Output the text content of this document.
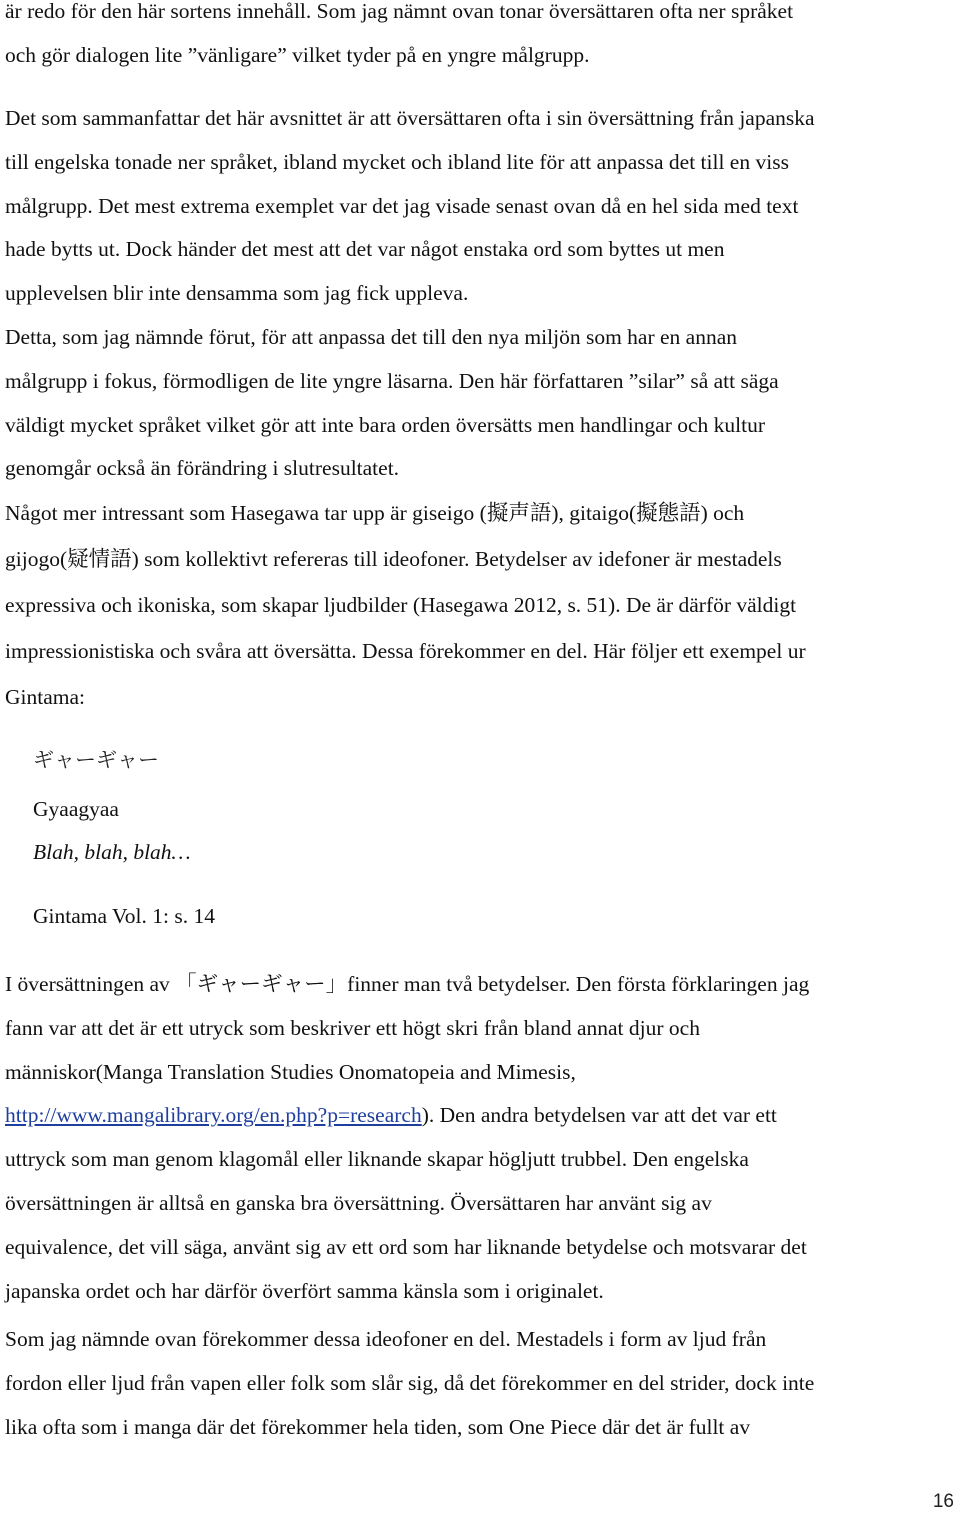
är redo för den här sortens innehåll. Som jag nämnt ovan tonar översättaren ofta ner språket
och gör dialogen lite ”vänligare” vilket tyder på en yngre målgrupp.

Det som sammanfattar det här avsnittet är att översättaren ofta i sin översättning från japanska
till engelska tonade ner språket, ibland mycket och ibland lite för att anpassa det till en viss
målgrupp. Det mest extrema exemplet var det jag visade senast ovan då en hel sida med text
hade bytts ut. Dock händer det mest att det var något enstaka ord som byttes ut men
upplevelsen blir inte densamma som jag fick uppleva.

Detta, som jag nämnde förut, för att anpassa det till den nya miljön som har en annan
målgrupp i fokus, förmodligen de lite yngre läsarna. Den här författaren ”silar” så att säga
väldigt mycket språket vilket gör att inte bara orden översätts men handlingar och kultur
genomgår också än förändring i slutresultatet.

Något mer intressant som Hasegawa tar upp är giseigo (擬声語), gitaigo(擬態語) och
gijogo(疑情語) som kollektivt refereras till ideofoner. Betydelser av idefoner är mestadels
expressiva och ikoniska, som skapar ljudbilder (Hasegawa 2012, s. 51). De är därför väldigt
impressionistiska och svåra att översätta. Dessa förekommer en del. Här följer ett exempel ur
Gintama:

ギャーギャー
Gyaagyaa
Blah, blah, blah…
Gintama Vol. 1: s. 14

I översättningen av 「ギャーギャー」finner man två betydelser. Den första förklaringen jag
fann var att det är ett utryck som beskriver ett högt skri från bland annat djur och
människor(Manga Translation Studies Onomatopeia and Mimesis,
http://www.mangalibrary.org/en.php?p=research). Den andra betydelsen var att det var ett
uttryck som man genom klagomål eller liknande skapar högljutt trubbel. Den engelska
översättningen är alltså en ganska bra översättning. Översättaren har använt sig av
equivalence, det vill säga, använt sig av ett ord som har liknande betydelse och motsvarar det
japanska ordet och har därför överfört samma känsla som i originalet.

Som jag nämnde ovan förekommer dessa ideofoner en del. Mestadels i form av ljud från
fordon eller ljud från vapen eller folk som slår sig, då det förekommer en del strider, dock inte
lika ofta som i manga där det förekommer hela tiden, som One Piece där det är fullt av

16
